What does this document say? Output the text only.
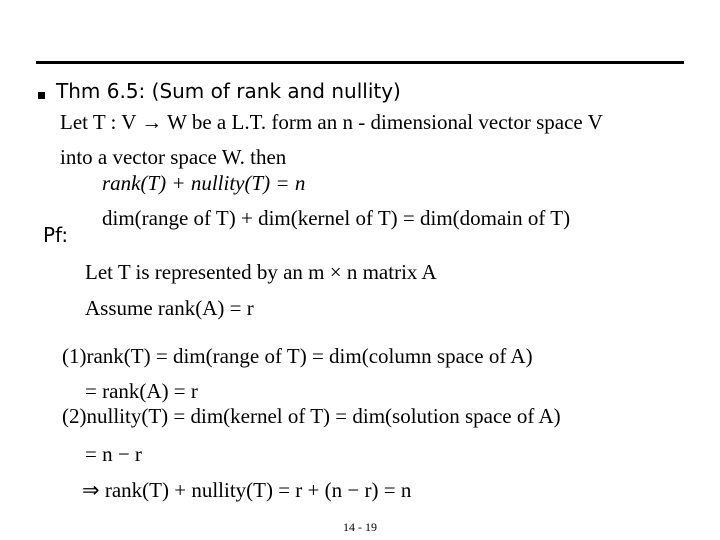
Thm 6.5: (Sum of rank and nullity)
Let T : V → W be a L.T. form an n - dimensional vector space V
into a vector space W. then
rank(T) + nullity(T) = n
dim(range of T) + dim(kernel of T) = dim(domain of T)
Pf:
Let T is represented by an m × n matrix A
Assume rank(A) = r
(1)rank(T) = dim(range of T) = dim(column space of A)
= rank(A) = r
(2)nullity(T) = dim(kernel of T) = dim(solution space of A)
= n − r
⇒ rank(T) + nullity(T) = r + (n − r) = n
14 - 19
